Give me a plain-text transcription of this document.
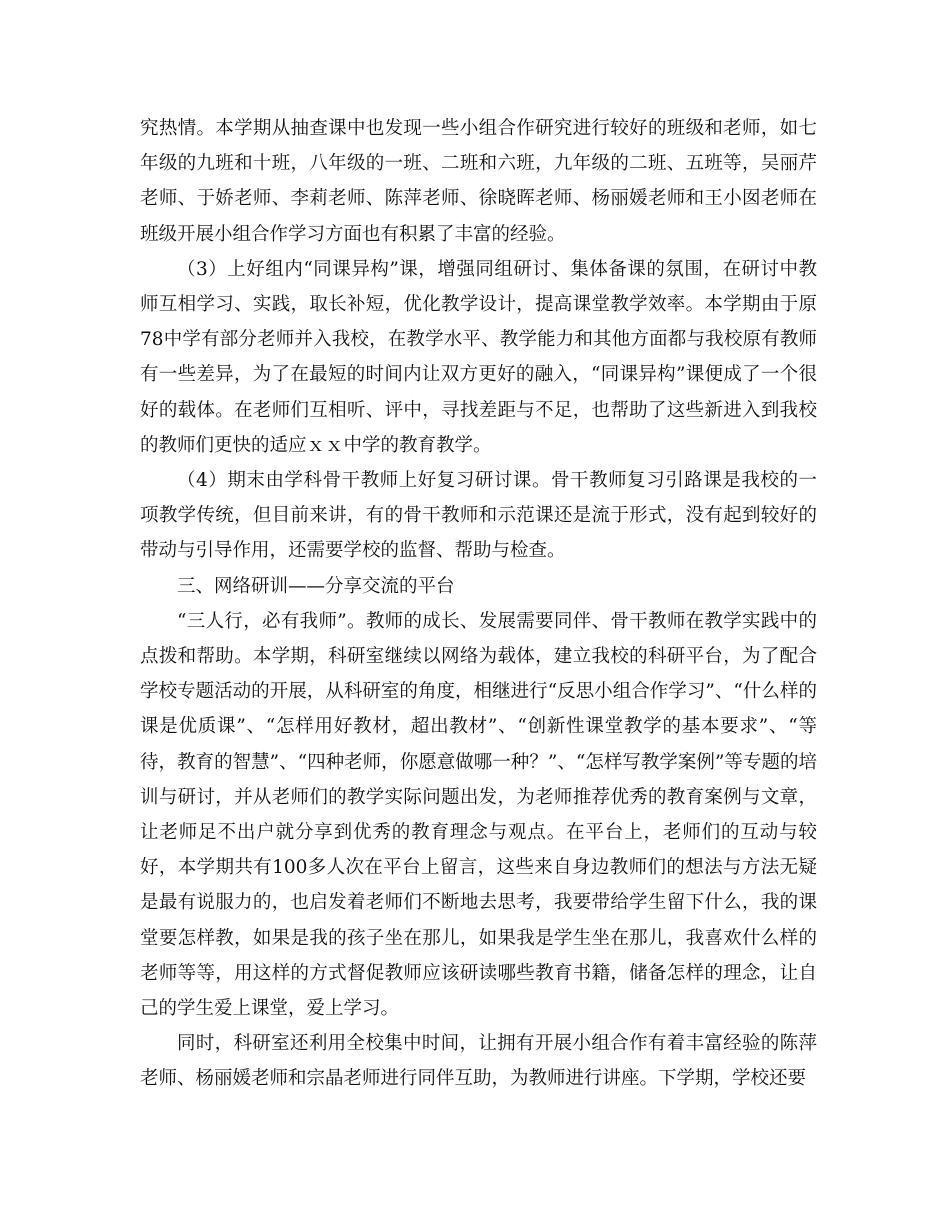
究热情。本学期从抽查课中也发现一些小组合作研究进行较好的班级和老师，如七年级的九班和十班，八年级的一班、二班和六班，九年级的二班、五班等，吴丽芹老师、于娇老师、李莉老师、陈萍老师、徐晓晖老师、杨丽媛老师和王小囡老师在班级开展小组合作学习方面也有积累了丰富的经验。

（3）上好组内“同课异构”课，增强同组研讨、集体备课的氛围，在研讨中教师互相学习、实践，取长补短，优化教学设计，提高课堂教学效率。本学期由于原78中学有部分老师并入我校，在教学水平、教学能力和其他方面都与我校原有教师有一些差异，为了在最短的时间内让双方更好的融入，“同课异构”课便成了一个很好的载体。在老师们互相听、评中，寻找差距与不足，也帮助了这些新进入到我校的教师们更快的适应ｘｘ中学的教育教学。

（4）期末由学科骨干教师上好复习研讨课。骨干教师复习引路课是我校的一项教学传统，但目前来讲，有的骨干教师和示范课还是流于形式，没有起到较好的带动与引导作用，还需要学校的监督、帮助与检查。

三、网络研训——分享交流的平台

“三人行，必有我师”。教师的成长、发展需要同伴、骨干教师在教学实践中的点拨和帮助。本学期，科研室继续以网络为载体，建立我校的科研平台，为了配合学校专题活动的开展，从科研室的角度，相继进行“反思小组合作学习”、“什么样的课是优质课”、“怎样用好教材，超出教材”、“创新性课堂教学的基本要求”、“等待，教育的智慧”、“四种老师，你愿意做哪一种？”、“怎样写教学案例”等专题的培训与研讨，并从老师们的教学实际问题出发，为老师推荐优秀的教育案例与文章，让老师足不出户就分享到优秀的教育理念与观点。在平台上，老师们的互动与较好，本学期共有100多人次在平台上留言，这些来自身边教师们的想法与方法无疑是最有说服力的，也启发着老师们不断地去思考，我要带给学生留下什么，我的课堂要怎样教，如果是我的孩子坐在那儿，如果我是学生坐在那儿，我喜欢什么样的老师等等，用这样的方式督促教师应该研读哪些教育书籍，储备怎样的理念，让自己的学生爱上课堂，爱上学习。

同时，科研室还利用全校集中时间，让拥有开展小组合作有着丰富经验的陈萍老师、杨丽媛老师和宗晶老师进行同伴互助，为教师进行讲座。下学期，学校还要
